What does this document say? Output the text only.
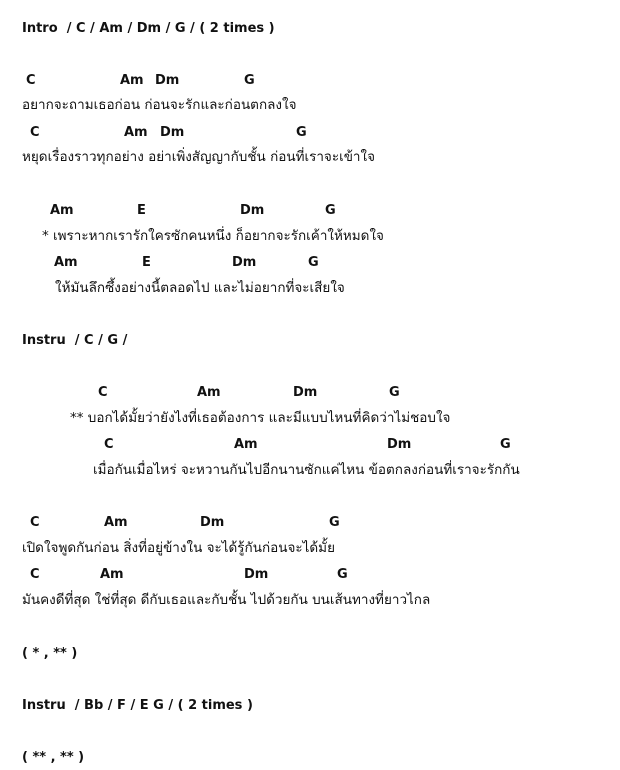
Intro  / C / Am / Dm / G / ( 2 times )
C	Am Dm	G
อยากจะถามเธอก่อน ก่อนจะรักและก่อนตกลงใจ
C	Am Dm	G
หยุดเรื่องราวทุกอย่าง อย่าเพิ่งสัญญากับชั้น ก่อนที่เราจะเข้าใจ
Am	E	Dm	G
* เพราะหากเรารักใครซักคนหนึ่ง ก็อยากจะรักเค้าให้หมดใจ
Am	E	Dm	G
ให้มันลึกซึ้งอย่างนี้ตลอดไป และไม่อยากที่จะเสียใจ
Instru  / C / G /
C	Am	Dm	G
** บอกได้มั้ยว่ายังไงที่เธอต้องการ และมีแบบไหนที่คิดว่าไม่ชอบใจ
C	Am	Dm	G
เมื่อกันเมื่อไหร่ จะหวานกันไปอีกนานซักแค่ไหน ข้อตกลงก่อนที่เราจะรักกัน
C	Am	Dm	G
เปิดใจพูดกันก่อน สิ่งที่อยู่ข้างใน จะได้รู้กันก่อนจะได้มั้ย
C	Am	Dm	G
มันคงดีที่สุด ใช่ที่สุด ดีกับเธอและกับชั้น ไปด้วยกัน บนเส้นทางที่ยาวไกล
( * , ** )
Instru  / Bb / F / E G / ( 2 times )
( ** , ** )
